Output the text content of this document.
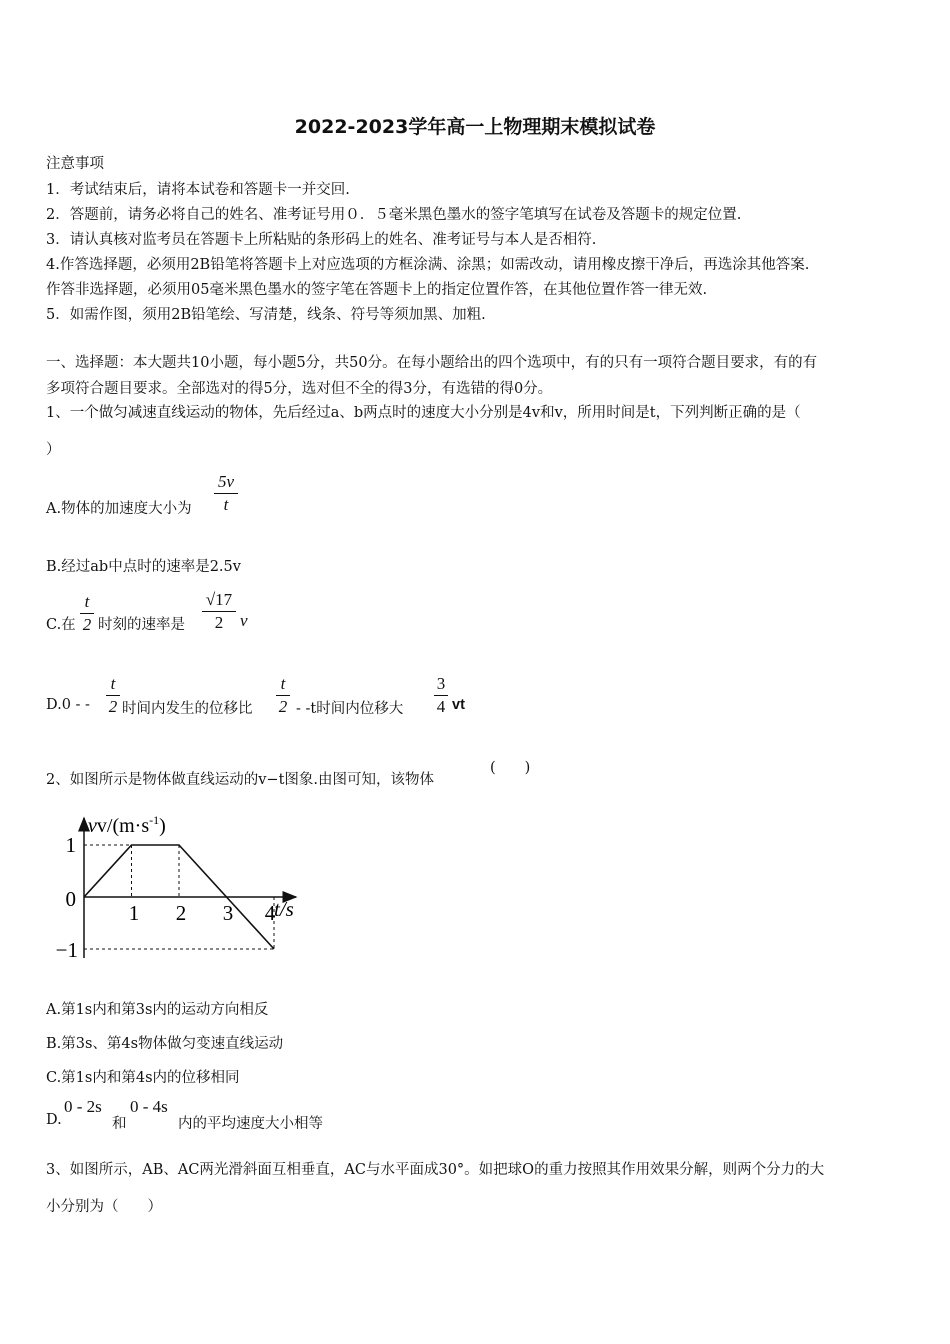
2022-2023学年高一上物理期末模拟试卷
注意事项
1．考试结束后，请将本试卷和答题卡一并交回.
2．答题前，请务必将自己的姓名、准考证号用０．５毫米黑色墨水的签字笔填写在试卷及答题卡的规定位置.
3．请认真核对监考员在答题卡上所粘贴的条形码上的姓名、准考证号与本人是否相符.
4.作答选择题，必须用2B铅笔将答题卡上对应选项的方框涂满、涂黑；如需改动，请用橡皮擦干净后，再选涂其他答案.
作答非选择题，必须用05毫米黑色墨水的签字笔在答题卡上的指定位置作答，在其他位置作答一律无效.
5．如需作图，须用2B铅笔绘、写清楚，线条、符号等须加黑、加粗.
一、选择题：本大题共10小题，每小题5分，共50分。在每小题给出的四个选项中，有的只有一项符合题目要求，有的有
多项符合题目要求。全部选对的得5分，选对但不全的得3分，有选错的得0分。
1、一个做匀减速直线运动的物体，先后经过a、b两点时的速度大小分别是4v和v，所用时间是t，下列判断正确的是（
）
A.物体的加速度大小为
5v
t
B.经过ab中点时的速率是2.5v
C.在
t
2 时刻的速率是
√17
2 v
D.0 - -
t
2 时间内发生的位移比
t
2 - -t时间内位移大
3
4 vt
2、如图所示是物体做直线运动的v−t图象.由图可知，该物体
(　　)
$vv/(m\cdot s^{-1})$
t/s
1
0
−1
1 2 3 4
A.第1s内和第3s内的运动方向相反
B.第3s、第4s物体做匀变速直线运动
C.第1s内和第4s内的位移相同
D.
0 - 2s
和
0 - 4s
内的平均速度大小相等
3、如图所示，AB、AC两光滑斜面互相垂直，AC与水平面成30°。如把球O的重力按照其作用效果分解，则两个分力的大
小分别为（　　）
